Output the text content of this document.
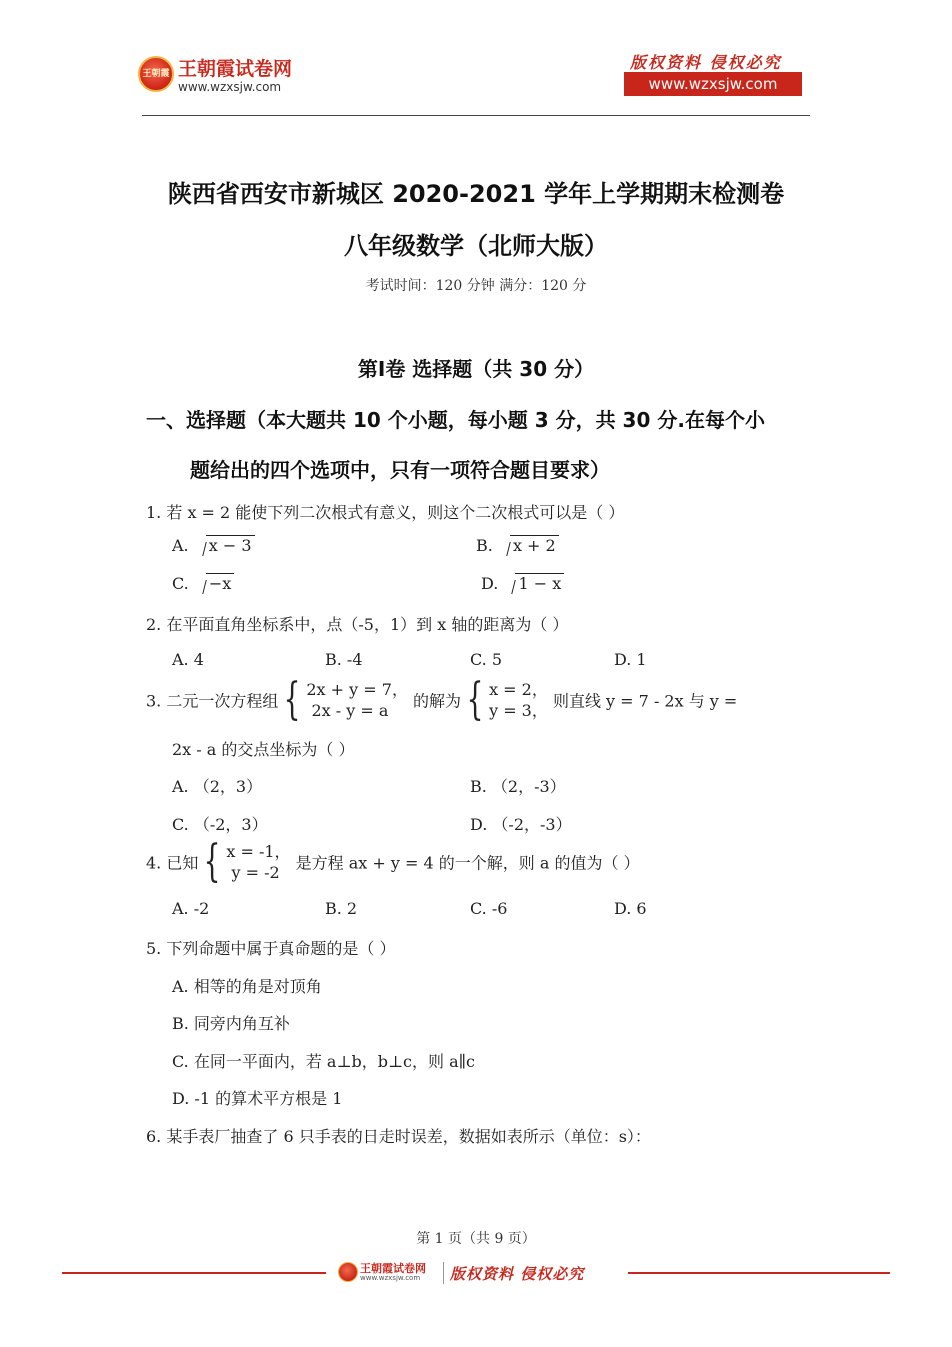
王朝霞 王朝霞试卷网
www.wzxsjw.com
版权资料 侵权必究
www.wzxsjw.com
陕西省西安市新城区 2020-2021 学年上学期期末检测卷
八年级数学（北师大版）
考试时间：120 分钟 满分：120 分
第Ⅰ卷 选择题（共 30 分）
一、选择题（本大题共 10 个小题，每小题 3 分，共 30 分.在每个小
题给出的四个选项中，只有一项符合题目要求）
1. 若 x = 2 能使下列二次根式有意义，则这个二次根式可以是（ ）
A. x − 3	B. x + 2
C. −x	D. 1 − x
2. 在平面直角坐标系中，点（-5，1）到 x 轴的距离为（ ）
A. 4	B. -4	C. 5	D. 1
3. 二元一次方程组 { 2x + y = 7，
2x - y = a 的解为 { x = 2，
y = 3， 则直线 y = 7 - 2x 与 y =
2x - a 的交点坐标为（ ）
A. （2，3）	B. （2，-3）
C. （-2，3）	D. （-2，-3）
4. 已知 { x = -1，
y = -2 是方程 ax + y = 4 的一个解，则 a 的值为（ ）
A. -2	B. 2	C. -6	D. 6
5. 下列命题中属于真命题的是（ ）
A. 相等的角是对顶角
B. 同旁内角互补
C. 在同一平面内，若 a⊥b，b⊥c，则 a∥c
D. -1 的算术平方根是 1
6. 某手表厂抽查了 6 只手表的日走时误差，数据如表所示（单位：s）：
第 1 页（共 9 页）
王朝霞试卷网
www.wzxsjw.com 版权资料 侵权必究
